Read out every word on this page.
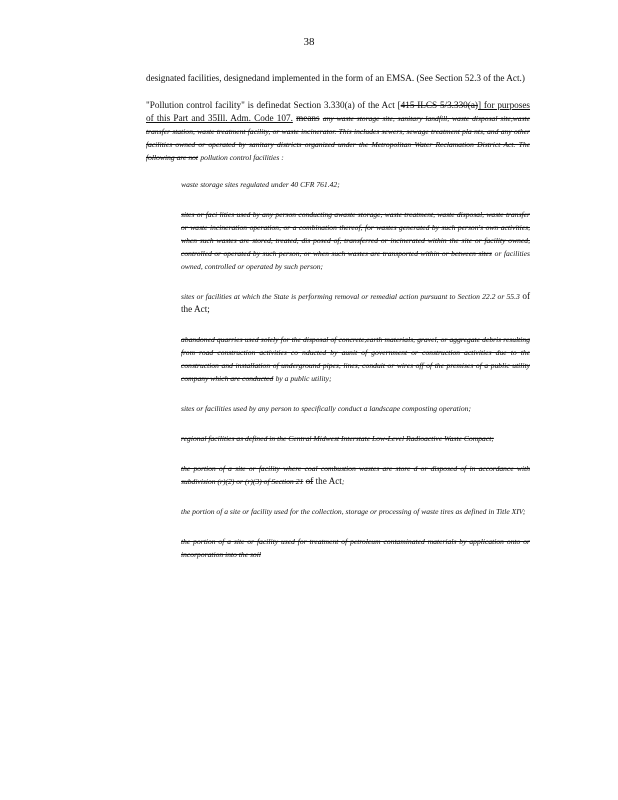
38

designated facilities, designedand implemented in the form of an EMSA. (See Section 52.3 of the Act.)

"Pollution control facility" is definedat Section 3.330(a) of the Act [415 ILCS 5/3.330(a)] for purposes of this Part and 35Ill. Adm. Code 107. means any waste storage site, sanitary landfill, waste disposal site,waste transfer station, waste treatment facility, or waste incinerator. This includes sewers, sewage treatment pla nts, and any other facilities owned or operated by sanitary districts organized under the Metropolitan Water Reclamation District Act. The following are not pollution control facilities :

waste storage sites regulated under 40 CFR 761.42;

sites or faci lities used by any person conducting awaste storage, waste treatment, waste disposal, waste transfer or waste incineration operation, or a combination thereof, for wastes generated by such person's own activities, when such wastes are stored, treated, dis posed of, transferred or incinerated within the site or facility owned, controlled or operated by such person, or when such wastes are transported within or between sites or facilities owned, controlled or operated by such person;

sites or facilities at which the State is performing removal or remedial action pursuant to Section 22.2 or 55.3 of the Act;

abandoned quarries used solely for the disposal of concrete,earth materials, gravel, or aggregate debris resulting from road construction activities co nducted by aunit of government or construction activities due to the construction and installation of underground pipes, lines, conduit or wires off of the premises of a public utility company which are conducted by a public utility;

sites or facilities used by any person to specifically conduct a landscape composting operation;

regional facilities as defined in the Central Midwest Interstate Low-Level Radioactive Waste Compact;

the portion of a site or facility where coal combustion wastes are store d or disposed of in accordance with subdivision (r)(2) or (r)(3) of Section 21 of the Act;

the portion of a site or facility used for the collection, storage or processing of waste tires as defined in Title XIV;

the portion of a site or facility used for treatment of petroleum contaminated materials by application onto or incorporation into the soil
